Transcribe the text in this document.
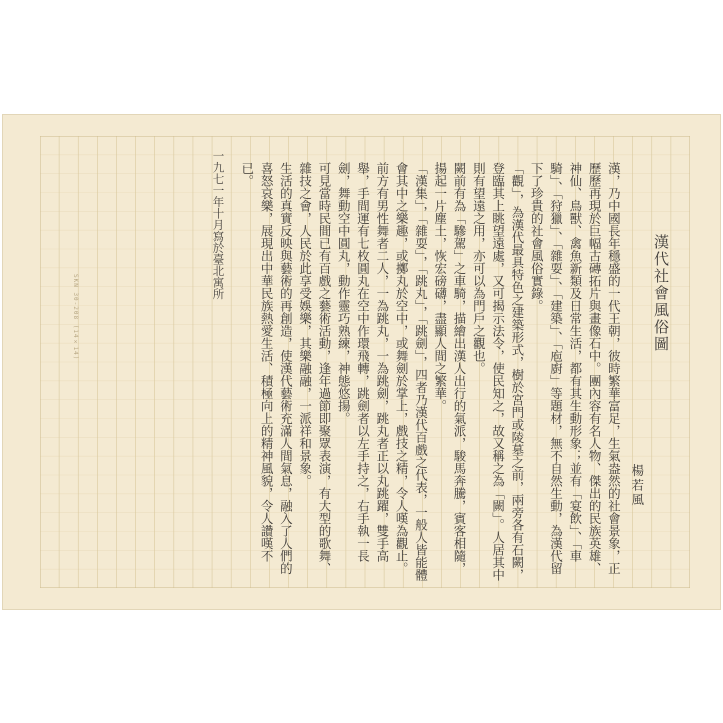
SKN 30-208 (14×14)	漢代社會風俗圖

楊若風

漢，乃中國長年穩盛的一代王朝，彼時繁華富足，生氣盎然的社會景象，正歷歷再現於巨幅古磚拓片與畫像石中。團內容有名人物、傑出的民族英雄、神仙、鳥獸、禽魚新類及日常生活，都有其生動形象；並有「宴飲」、「車騎」、「狩獵」、「雜耍」、「建築」、「庖廚」等題材，無不自然生動，為漢代留下了珍貴的社會風俗實錄。

「觀」，為漢代最具特色之建築形式，樹於宮門或陵墓之前，兩旁各有石闕，登臨其上眺望遠處，又可揭示法令，使民知之，故又稱之為「闕」。人居其中則有望遠之用，亦可以為門戶之觀也。

闕前有為「驂駕」之車騎，描繪出漢人出行的氣派，駿馬奔騰，賓客相隨，揚起一片塵土，恢宏磅礴，盡顯人間之繁華。

「漢集」，「雜耍」，「跳丸」，「跳劍」，四者乃漢代百戲之代表，一般人皆能體會其中之樂趣，或擲丸於空中，或舞劍於掌上，戲技之精，令人嘆為觀止。

前方有男性舞者二人，一為跳丸，一為跳劍，跳丸者正以丸跳躍，雙手高舉，手間運有七枚圓丸在空中作環飛轉，跳劍者以左手持之，右手執一長劍，舞動空中圓丸，動作靈巧熟練，神態悠揚。

可見當時民間已有百戲之藝術活動，逢年過節即聚眾表演，有大型的歌舞、雜技之會，人民於此享受娛樂，其樂融融，一派祥和景象。

生活的真實反映與藝術的再創造，使漢代藝術充滿人間氣息，融入了人們的喜怒哀樂，展現出中華民族熱愛生活、積極向上的精神風貌，令人讚嘆不已。

一九七一年十月寫於臺北寓所
